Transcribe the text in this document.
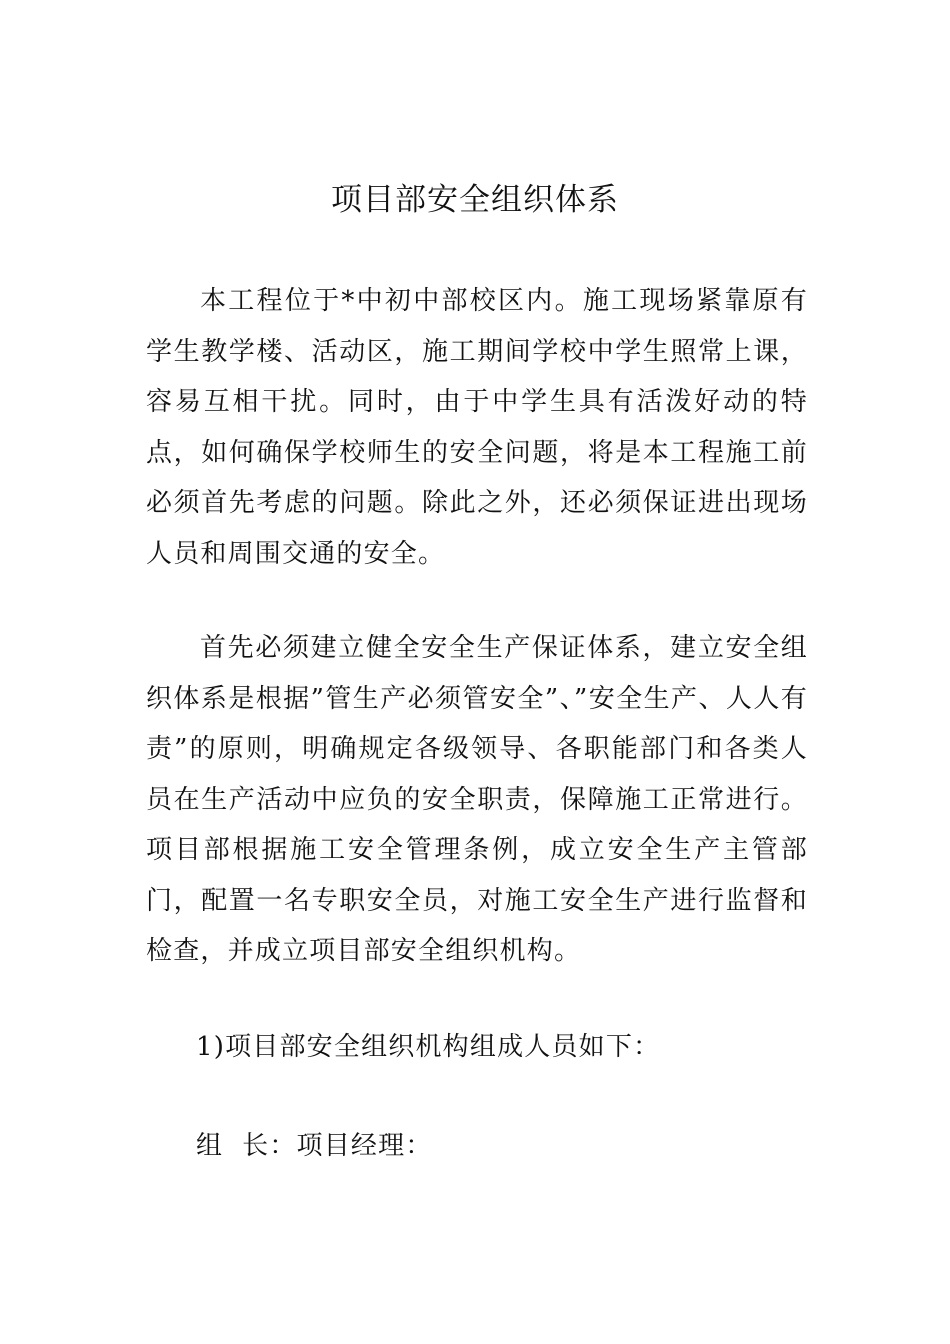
项目部安全组织体系

本工程位于*中初中部校区内。施工现场紧靠原有学生教学楼、活动区，施工期间学校中学生照常上课，容易互相干扰。同时，由于中学生具有活泼好动的特点，如何确保学校师生的安全问题，将是本工程施工前必须首先考虑的问题。除此之外，还必须保证进出现场人员和周围交通的安全。

首先必须建立健全安全生产保证体系，建立安全组织体系是根据”管生产必须管安全”、”安全生产、人人有责”的原则，明确规定各级领导、各职能部门和各类人员在生产活动中应负的安全职责，保障施工正常进行。项目部根据施工安全管理条例，成立安全生产主管部门，配置一名专职安全员，对施工安全生产进行监督和检查，并成立项目部安全组织机构。

1)项目部安全组织机构组成人员如下：

组  长：项目经理：
